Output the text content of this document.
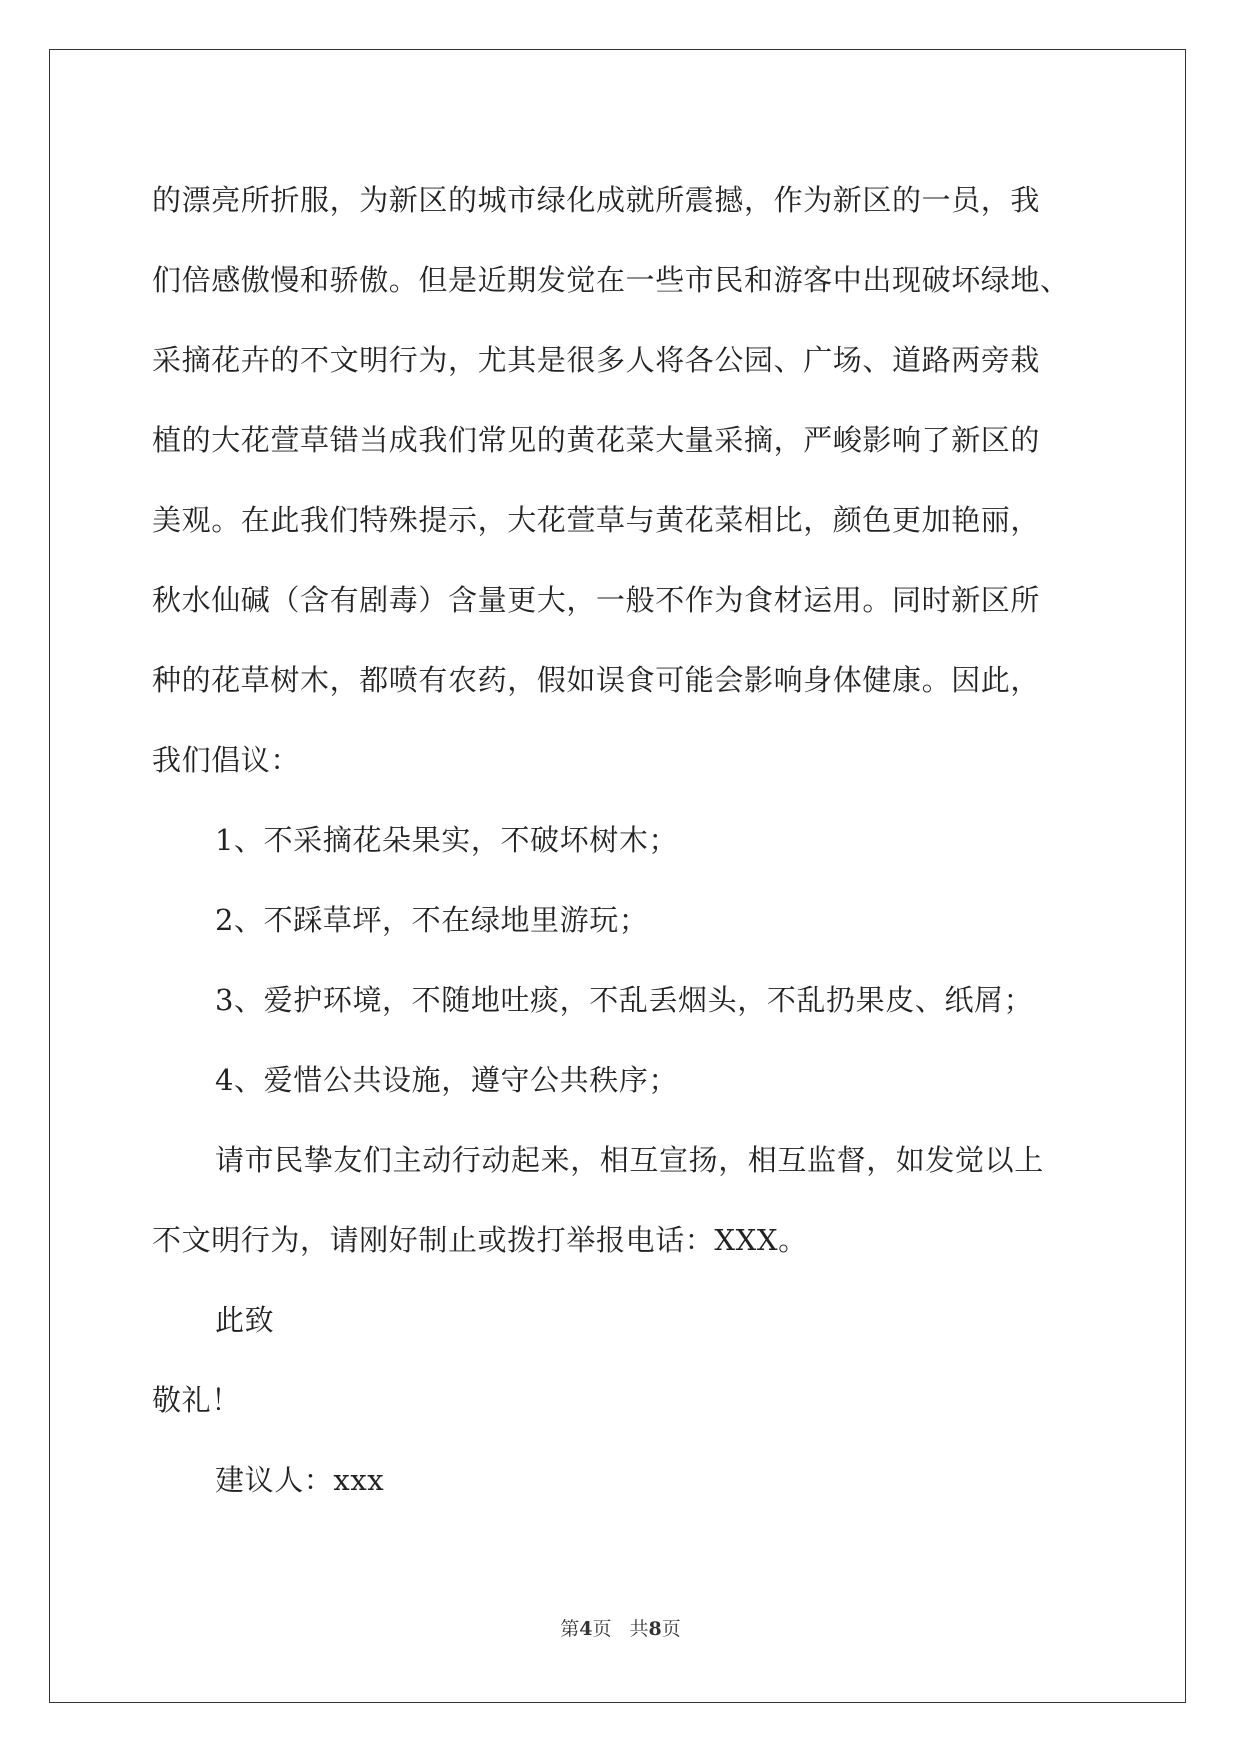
的漂亮所折服，为新区的城市绿化成就所震撼，作为新区的一员，我
们倍感傲慢和骄傲。但是近期发觉在一些市民和游客中出现破坏绿地、
采摘花卉的不文明行为，尤其是很多人将各公园、广场、道路两旁栽
植的大花萱草错当成我们常见的黄花菜大量采摘，严峻影响了新区的
美观。在此我们特殊提示，大花萱草与黄花菜相比，颜色更加艳丽，
秋水仙碱（含有剧毒）含量更大，一般不作为食材运用。同时新区所
种的花草树木，都喷有农药，假如误食可能会影响身体健康。因此，
我们倡议：
1、不采摘花朵果实，不破坏树木；
2、不踩草坪，不在绿地里游玩；
3、爱护环境，不随地吐痰，不乱丢烟头，不乱扔果皮、纸屑；
4、爱惜公共设施，遵守公共秩序；
请市民挚友们主动行动起来，相互宣扬，相互监督，如发觉以上
不文明行为，请刚好制止或拨打举报电话：XXX。
此致
敬礼！
建议人：xxx
第4页 共8页
